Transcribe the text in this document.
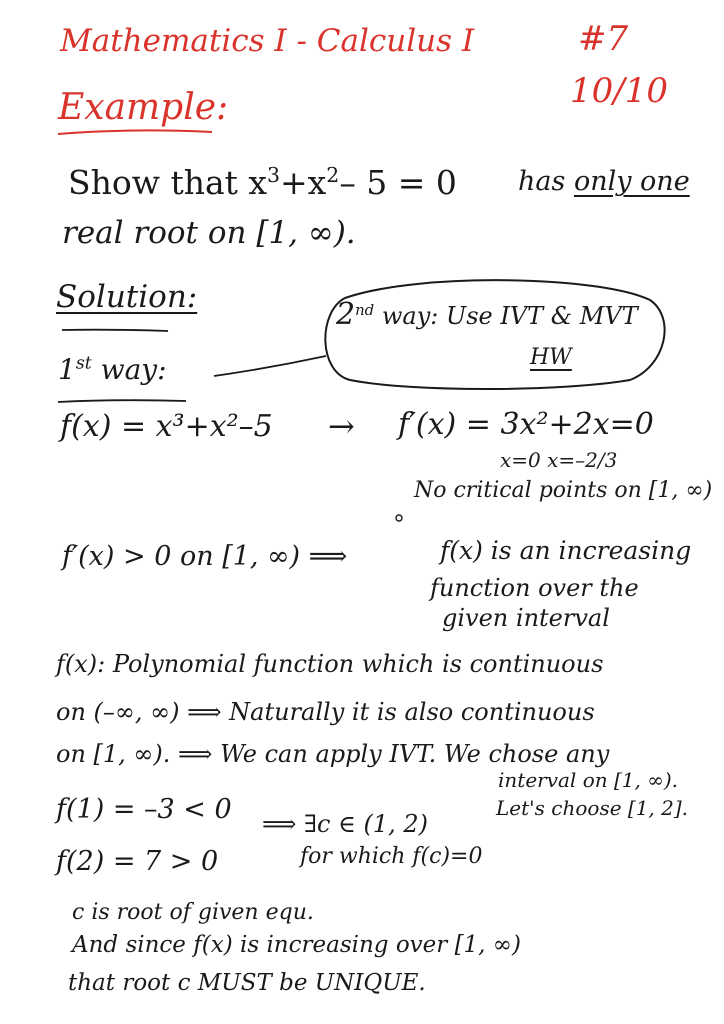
Mathematics I - Calculus I	#7
10/10
Example:
Show that $x^3+x^2-$ 5 = 0 has only one
real root on [1, ∞).
Solution:	2nd way: Use IVT & MVT
HW
1st way:
f(x) = x³+x²–5 → f′(x) = 3x²+2x=0
x=0 x=–2/3
No critical points on [1, ∞)
f′(x) > 0 on [1, ∞) ⟹	f(x) is an increasing
function over the
given interval
f(x): Polynomial function which is continuous
on (–∞, ∞) ⟹ Naturally it is also continuous
on [1, ∞). ⟹ We can apply IVT. We chose any
interval on [1, ∞).
Let's choose [1, 2].
f(1) = –3 < 0
f(2) = 7 > 0
⟹ ∃c ∈ (1, 2)
for which f(c)=0
c is root of given equ.
And since f(x) is increasing over [1, ∞)
that root c MUST be UNIQUE.
